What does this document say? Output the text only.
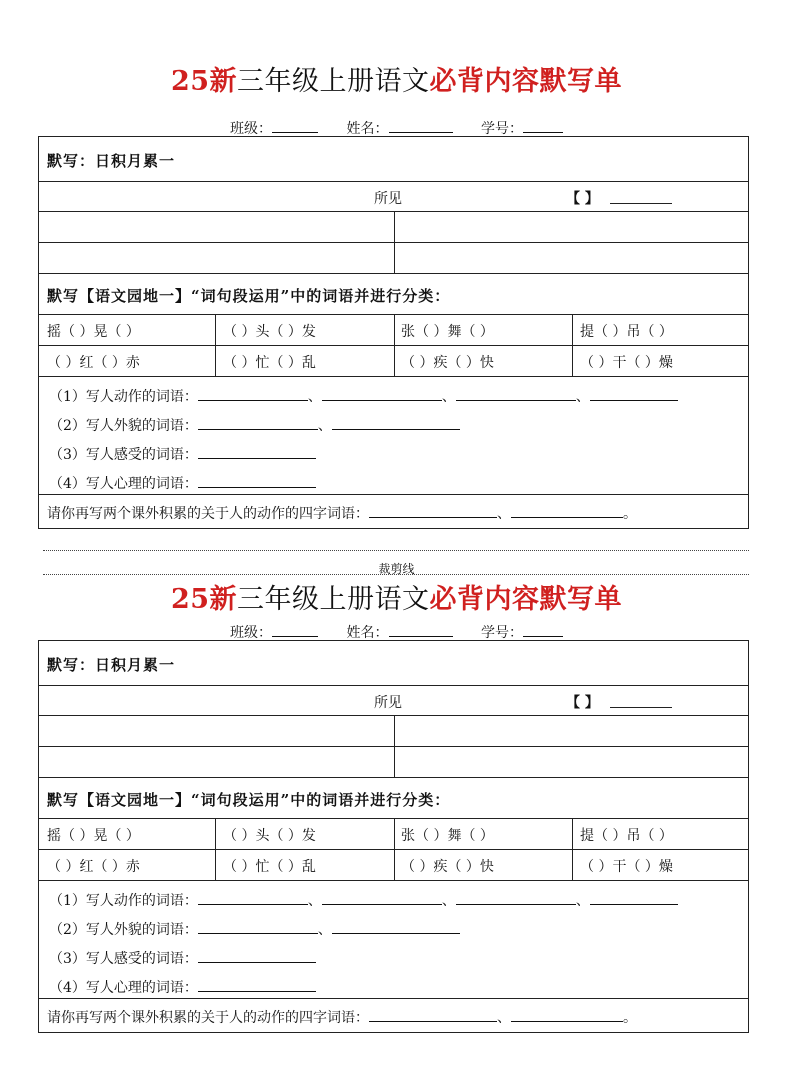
25新三年级上册语文必背内容默写单
班级：	姓名：	学号：
默写：日积月累一
所见	【 】
默写【语文园地一】“词句段运用”中的词语并进行分类：
摇（ ）晃（ ）	（ ）头（ ）发	张（ ）舞（ ）	提（ ）吊（ ）
（ ）红（ ）赤	（ ）忙（ ）乱	（ ）疾（ ）快	（ ）干（ ）燥
（1）写人动作的词语：	、	、	、
（2）写人外貌的词语：	、
（3）写人感受的词语：
（4）写人心理的词语：
请你再写两个课外积累的关于人的动作的四字词语：	、	。
裁剪线
25新三年级上册语文必背内容默写单
班级：	姓名：	学号：
默写：日积月累一
所见	【 】
默写【语文园地一】“词句段运用”中的词语并进行分类：
摇（ ）晃（ ）	（ ）头（ ）发	张（ ）舞（ ）	提（ ）吊（ ）
（ ）红（ ）赤	（ ）忙（ ）乱	（ ）疾（ ）快	（ ）干（ ）燥
（1）写人动作的词语：	、	、	、
（2）写人外貌的词语：	、
（3）写人感受的词语：
（4）写人心理的词语：
请你再写两个课外积累的关于人的动作的四字词语：	、	。
